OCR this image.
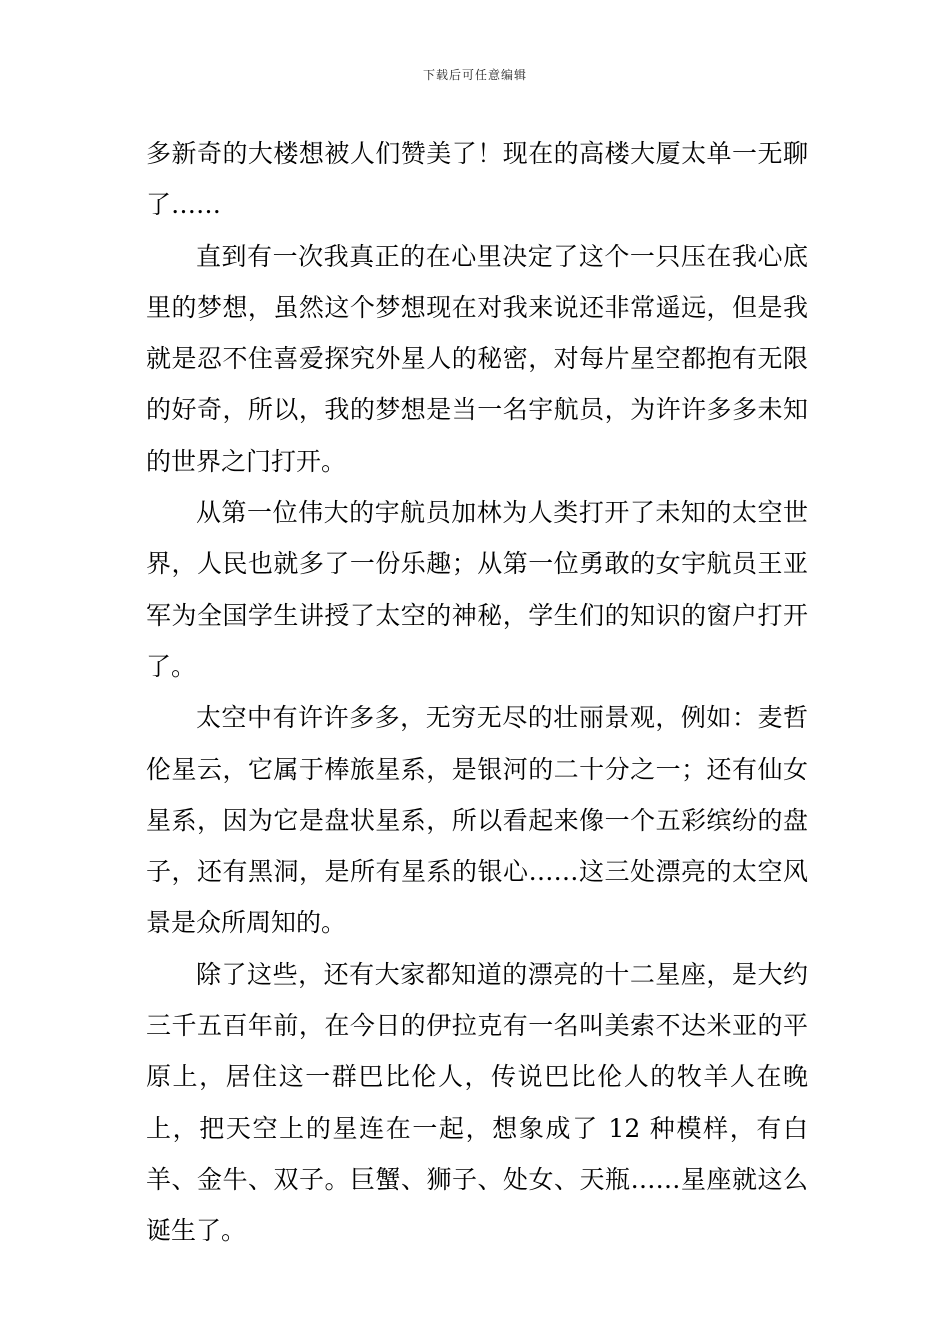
下载后可任意编辑

多新奇的大楼想被人们赞美了！现在的高楼大厦太单一无聊了……

直到有一次我真正的在心里决定了这个一只压在我心底里的梦想，虽然这个梦想现在对我来说还非常遥远，但是我就是忍不住喜爱探究外星人的秘密，对每片星空都抱有无限的好奇，所以，我的梦想是当一名宇航员，为许许多多未知的世界之门打开。

从第一位伟大的宇航员加林为人类打开了未知的太空世界，人民也就多了一份乐趣；从第一位勇敢的女宇航员王亚军为全国学生讲授了太空的神秘，学生们的知识的窗户打开了。

太空中有许许多多，无穷无尽的壮丽景观，例如：麦哲伦星云，它属于棒旅星系，是银河的二十分之一；还有仙女星系，因为它是盘状星系，所以看起来像一个五彩缤纷的盘子，还有黑洞，是所有星系的银心……这三处漂亮的太空风景是众所周知的。

除了这些，还有大家都知道的漂亮的十二星座，是大约三千五百年前，在今日的伊拉克有一名叫美索不达米亚的平原上，居住这一群巴比伦人，传说巴比伦人的牧羊人在晚上，把天空上的星连在一起，想象成了 12 种模样，有白羊、金牛、双子。巨蟹、狮子、处女、天瓶……星座就这么诞生了。
